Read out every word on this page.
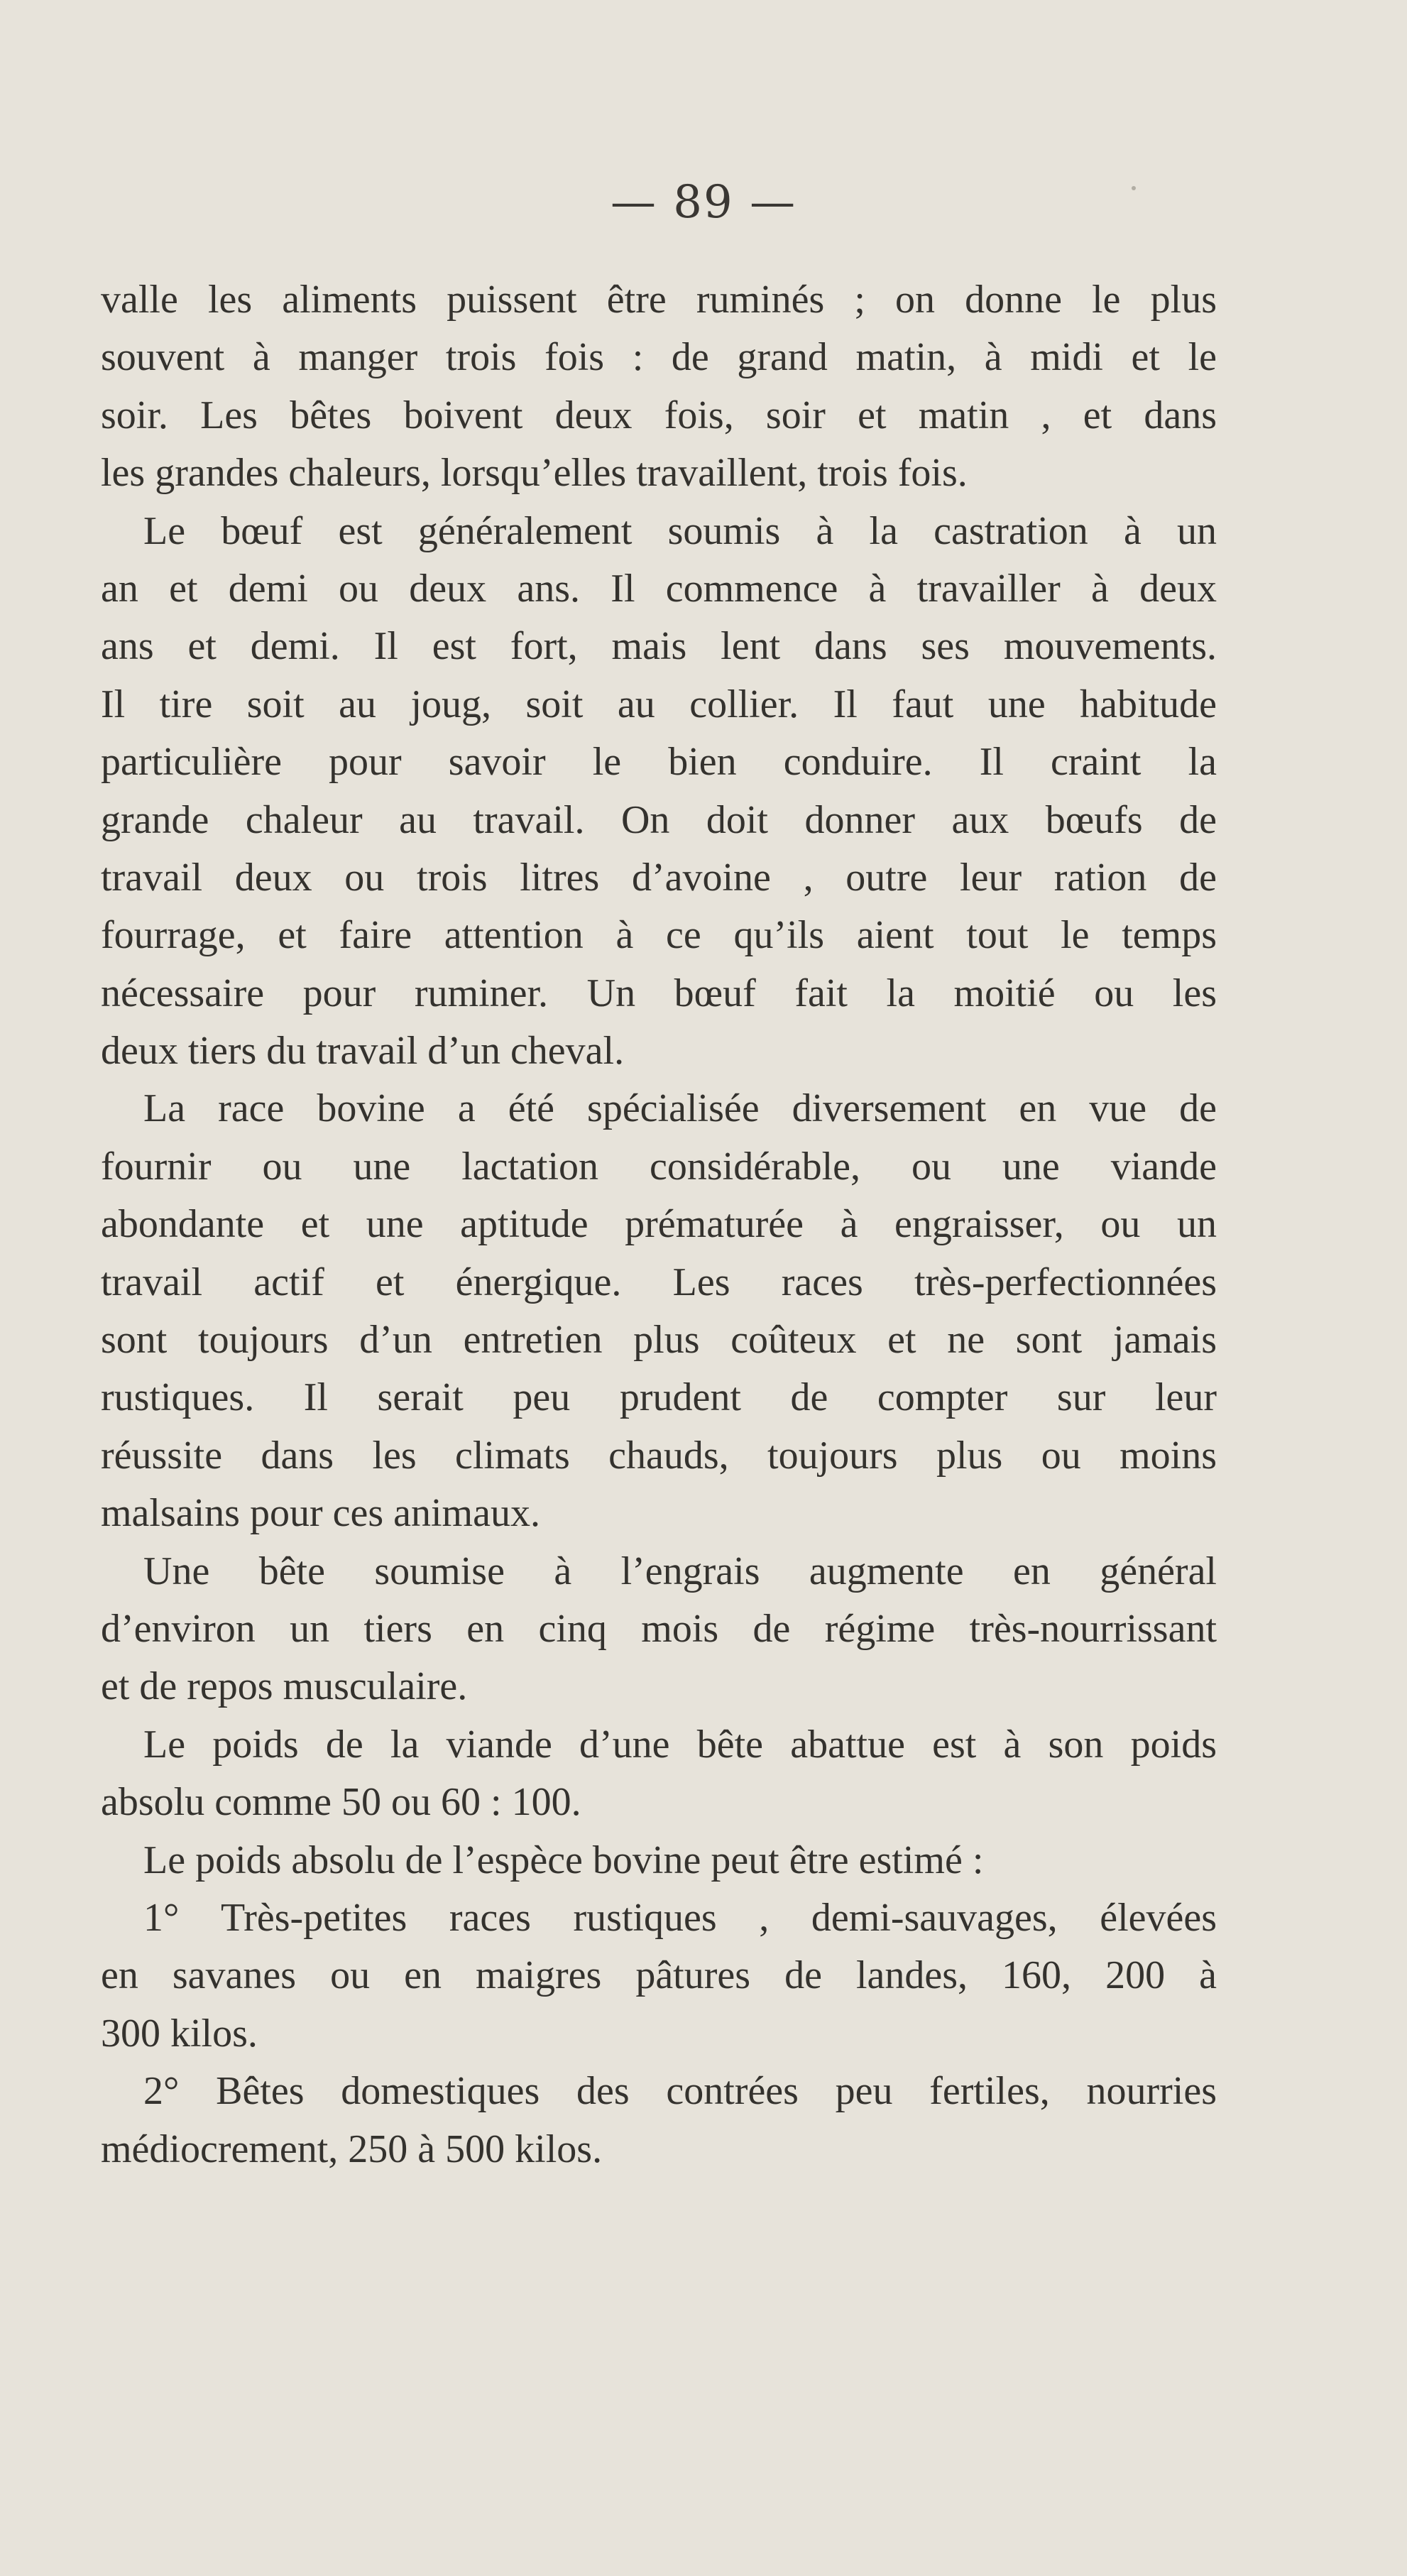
— 89 —
valle les aliments puissent être ruminés ; on donne le plus
souvent à manger trois fois : de grand matin, à midi et le
soir. Les bêtes boivent deux fois, soir et matin , et dans
les grandes chaleurs, lorsqu’elles travaillent, trois fois.
Le bœuf est généralement soumis à la castration à un
an et demi ou deux ans. Il commence à travailler à deux
ans et demi. Il est fort, mais lent dans ses mouvements.
Il tire soit au joug, soit au collier. Il faut une habitude
particulière pour savoir le bien conduire. Il craint la
grande chaleur au travail. On doit donner aux bœufs de
travail deux ou trois litres d’avoine , outre leur ration de
fourrage, et faire attention à ce qu’ils aient tout le temps
nécessaire pour ruminer. Un bœuf fait la moitié ou les
deux tiers du travail d’un cheval.
La race bovine a été spécialisée diversement en vue de
fournir ou une lactation considérable, ou une viande
abondante et une aptitude prématurée à engraisser, ou un
travail actif et énergique. Les races très-perfectionnées
sont toujours d’un entretien plus coûteux et ne sont jamais
rustiques. Il serait peu prudent de compter sur leur
réussite dans les climats chauds, toujours plus ou moins
malsains pour ces animaux.
Une bête soumise à l’engrais augmente en général
d’environ un tiers en cinq mois de régime très-nourrissant
et de repos musculaire.
Le poids de la viande d’une bête abattue est à son poids
absolu comme 50 ou 60 : 100.
Le poids absolu de l’espèce bovine peut être estimé :
1° Très-petites races rustiques , demi-sauvages, élevées
en savanes ou en maigres pâtures de landes, 160, 200 à
300 kilos.
2° Bêtes domestiques des contrées peu fertiles, nourries
médiocrement, 250 à 500 kilos.
